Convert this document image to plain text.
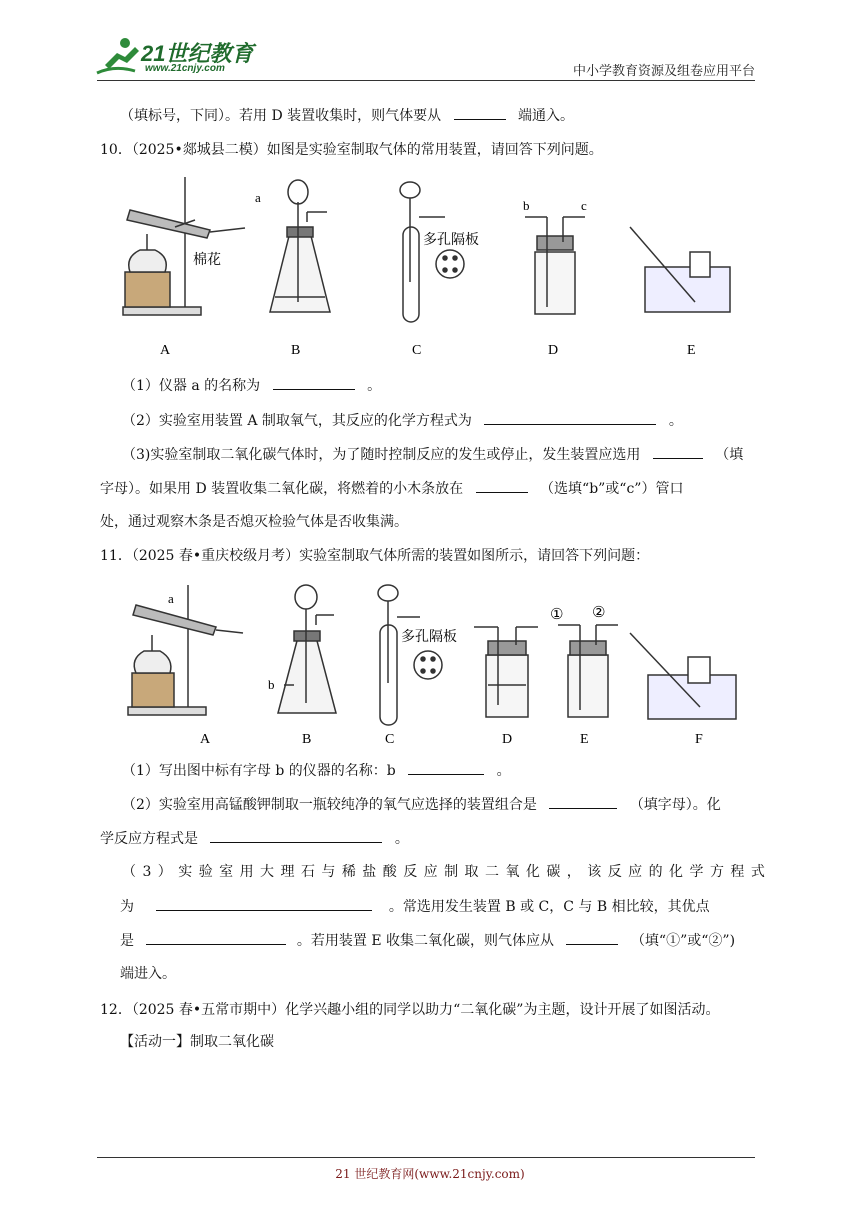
21世纪教育
www.21cnjy.com	中小学教育资源及组卷应用平台
（填标号，下同）。若用 D 装置收集时，则气体要从	端通入。
10．（2025•郯城县二模）如图是实验室制取气体的常用装置，请回答下列问题。
棉花
a
多孔隔板
b	c
A	B	C	D	E
（1）仪器 a 的名称为	。
（2）实验室用装置 A 制取氧气，其反应的化学方程式为	。
（3)实验室制取二氧化碳气体时，为了随时控制反应的发生或停止，发生装置应选用	（填
字母）。如果用 D 装置收集二氧化碳，将燃着的小木条放在	（选填“b”或“c”）管口
处，通过观察木条是否熄灭检验气体是否收集满。
11．（2025 春•重庆校级月考）实验室制取气体所需的装置如图所示，请回答下列问题：
a
b
多孔隔板
① ②
A	B	C	D	E	F
（1）写出图中标有字母 b 的仪器的名称：b	。
（2）实验室用高锰酸钾制取一瓶较纯净的氧气应选择的装置组合是	（填字母）。化
学反应方程式是	。
（ 3 ） 实 验 室 用 大 理 石 与 稀 盐 酸 反 应 制 取 二 氧 化 碳 ， 该 反 应 的 化 学 方 程 式
为	。常选用发生装置 B 或 C，C 与 B 相比较，其优点
是	。若用装置 E 收集二氧化碳，则气体应从	（填“①”或“②”)
端进入。
12．（2025 春•五常市期中）化学兴趣小组的同学以助力“二氧化碳”为主题，设计开展了如图活动。
【活动一】制取二氧化碳
21 世纪教育网(www.21cnjy.com)
